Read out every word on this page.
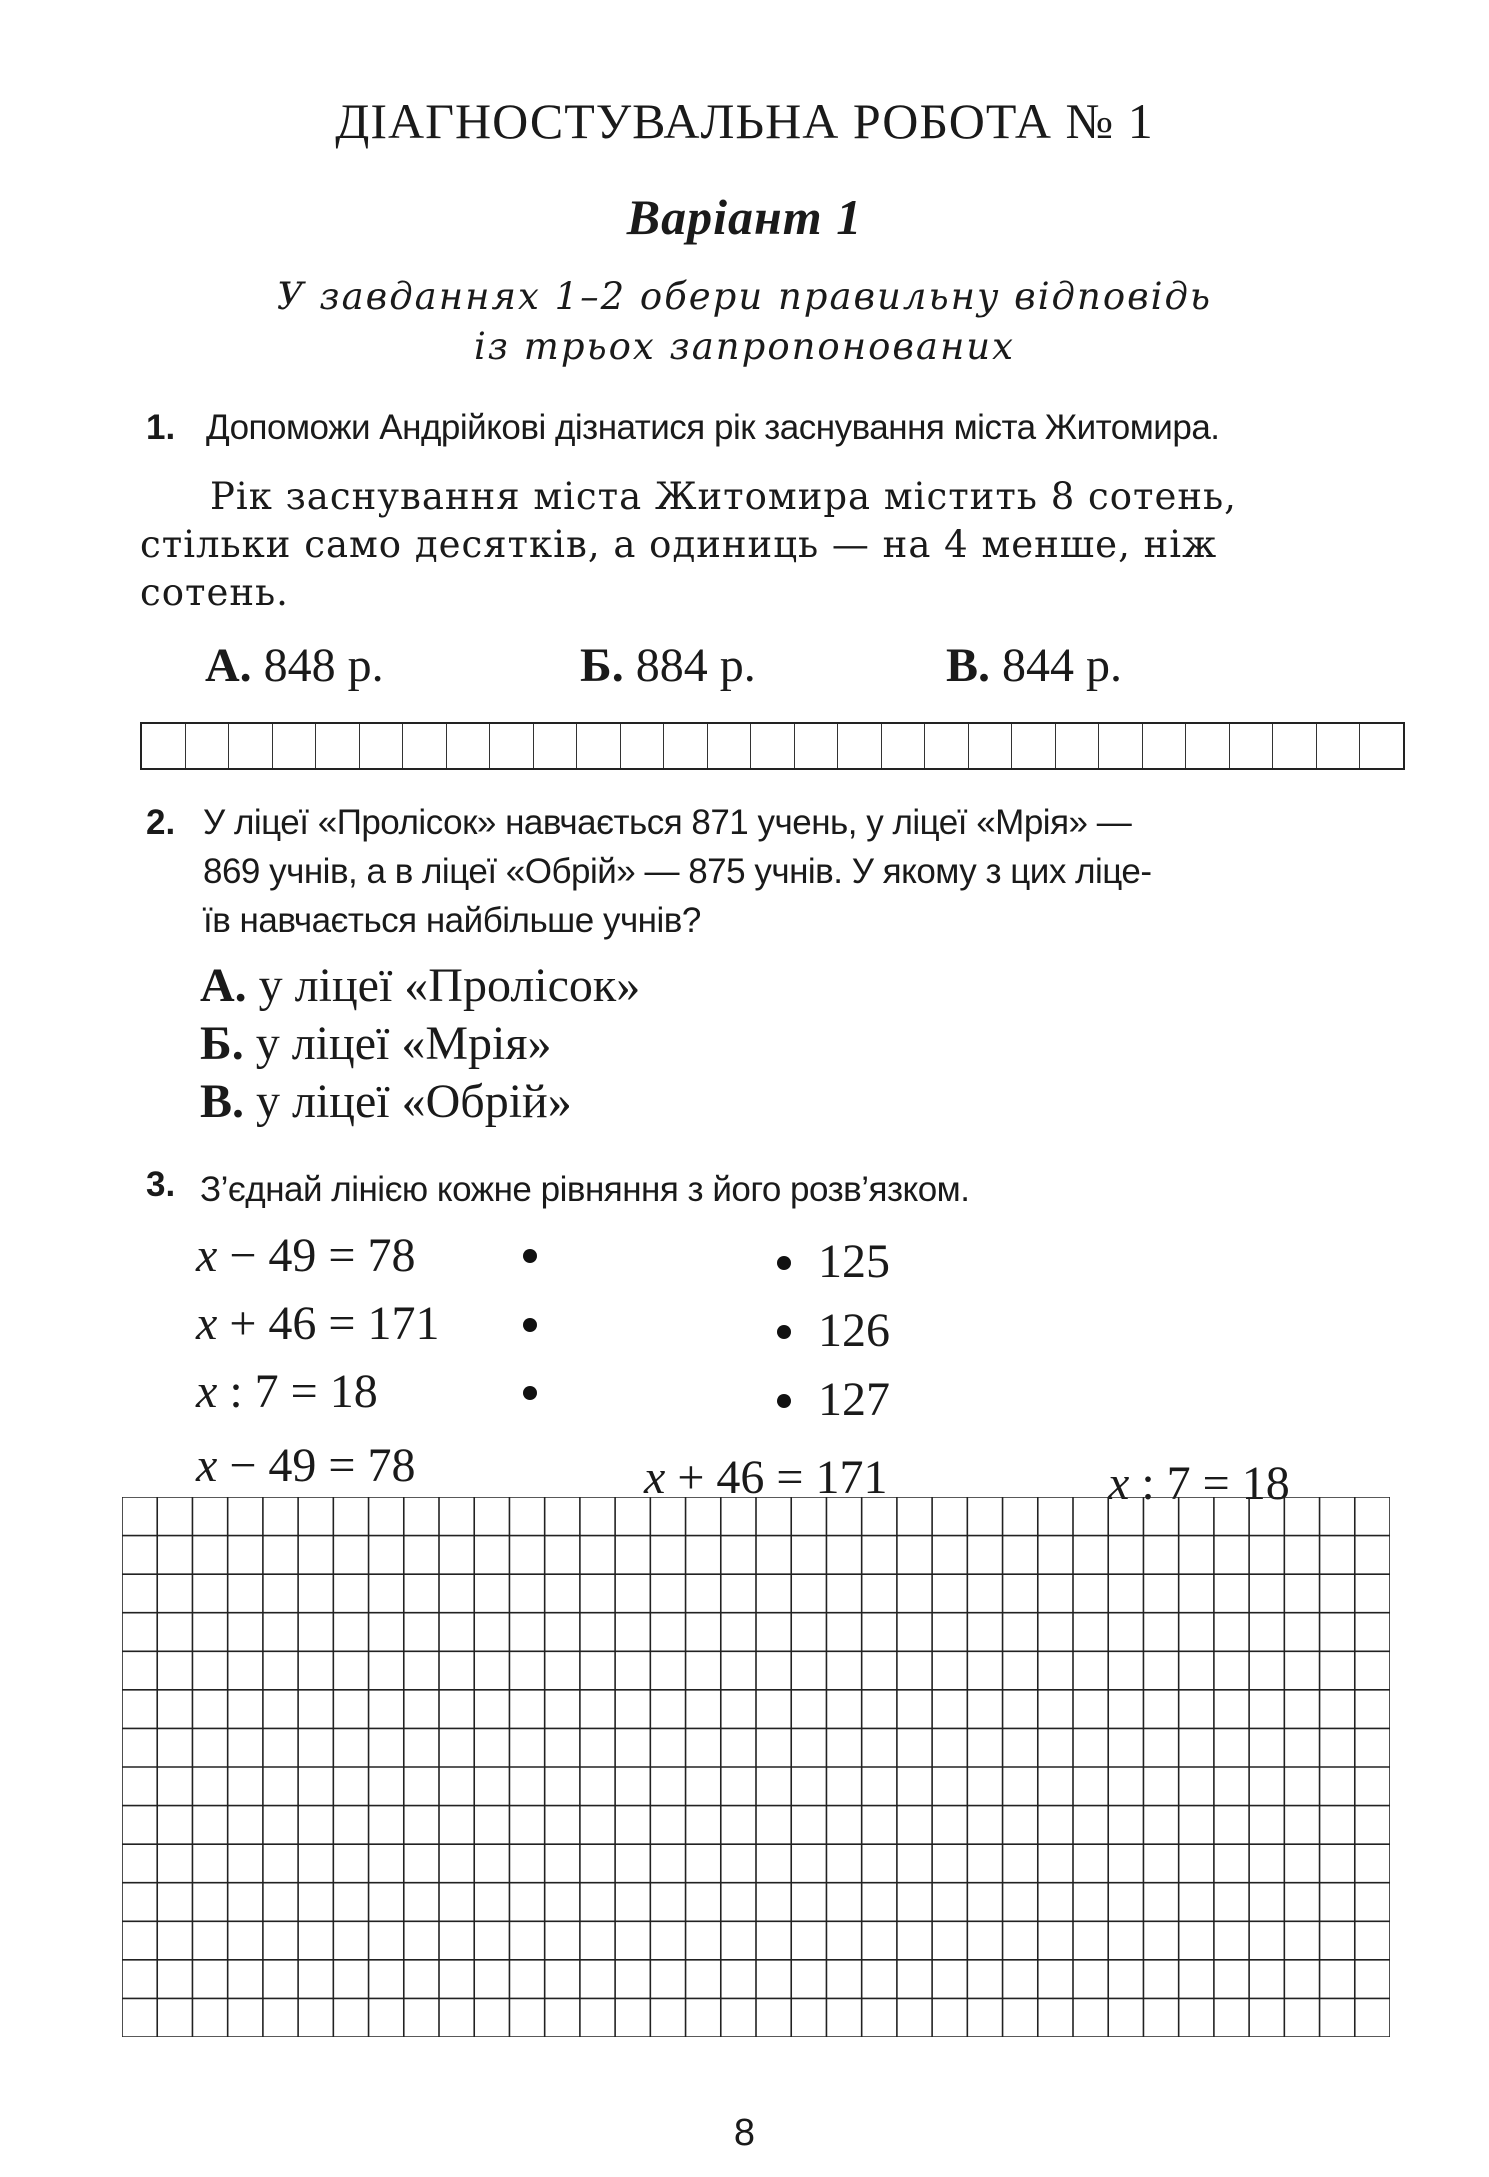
ДІАГНОСТУВАЛЬНА РОБОТА № 1
Варіант 1
У завданнях 1–2 обери правильну відповідь
із трьох запропонованих
1. Допоможи Андрійкові дізнатися рік заснування міста Житомира.
Рік заснування міста Житомира містить 8 сотень,
стільки само десятків, а одиниць — на 4 менше, ніж
сотень.
А. 848 р.	Б. 884 р.	В. 844 р.
2. У ліцеї «Пролісок» навчається 871 учень, у ліцеї «Мрія» —
869 учнів, а в ліцеї «Обрій» — 875 учнів. У якому з цих ліце-
їв навчається найбільше учнів?
А. у ліцеї «Пролісок»
Б. у ліцеї «Мрія»
В. у ліцеї «Обрій»
3. З’єднай лінією кожне рівняння з його розв’язком.
x − 49 = 78
x + 46 = 171
x : 7 = 18
125
126
127
x − 49 = 78	x + 46 = 171	x : 7 = 18
8
